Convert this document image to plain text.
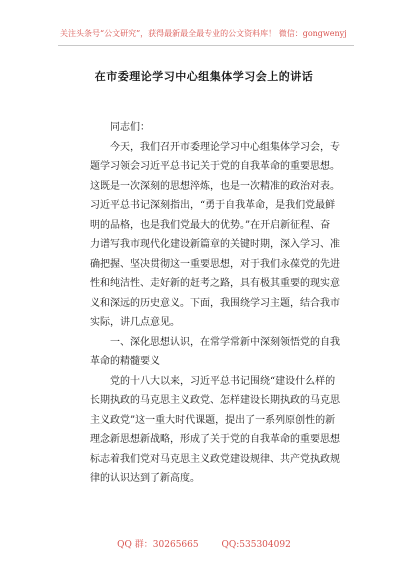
关注头条号“公文研究”，获得最新最全最专业的公文资料库！ 微信：gongwenyj
在市委理论学习中心组集体学习会上的讲话
同志们：
今天，我们召开市委理论学习中心组集体学习会，专
题学习领会习近平总书记关于党的自我革命的重要思想。
这既是一次深刻的思想淬炼，也是一次精准的政治对表。
习近平总书记深刻指出，“勇于自我革命，是我们党最鲜
明的品格，也是我们党最大的优势。”在开启新征程、奋
力谱写我市现代化建设新篇章的关键时期，深入学习、准
确把握、坚决贯彻这一重要思想，对于我们永葆党的先进
性和纯洁性、走好新的赶考之路，具有极其重要的现实意
义和深远的历史意义。下面，我围绕学习主题，结合我市
实际，讲几点意见。
一、深化思想认识，在常学常新中深刻领悟党的自我
革命的精髓要义
党的十八大以来，习近平总书记围绕“建设什么样的
长期执政的马克思主义政党、怎样建设长期执政的马克思
主义政党”这一重大时代课题，提出了一系列原创性的新
理念新思想新战略，形成了关于党的自我革命的重要思想
标志着我们党对马克思主义政党建设规律、共产党执政规
律的认识达到了新高度。
QQ 群：30265665	QQ:535304092
